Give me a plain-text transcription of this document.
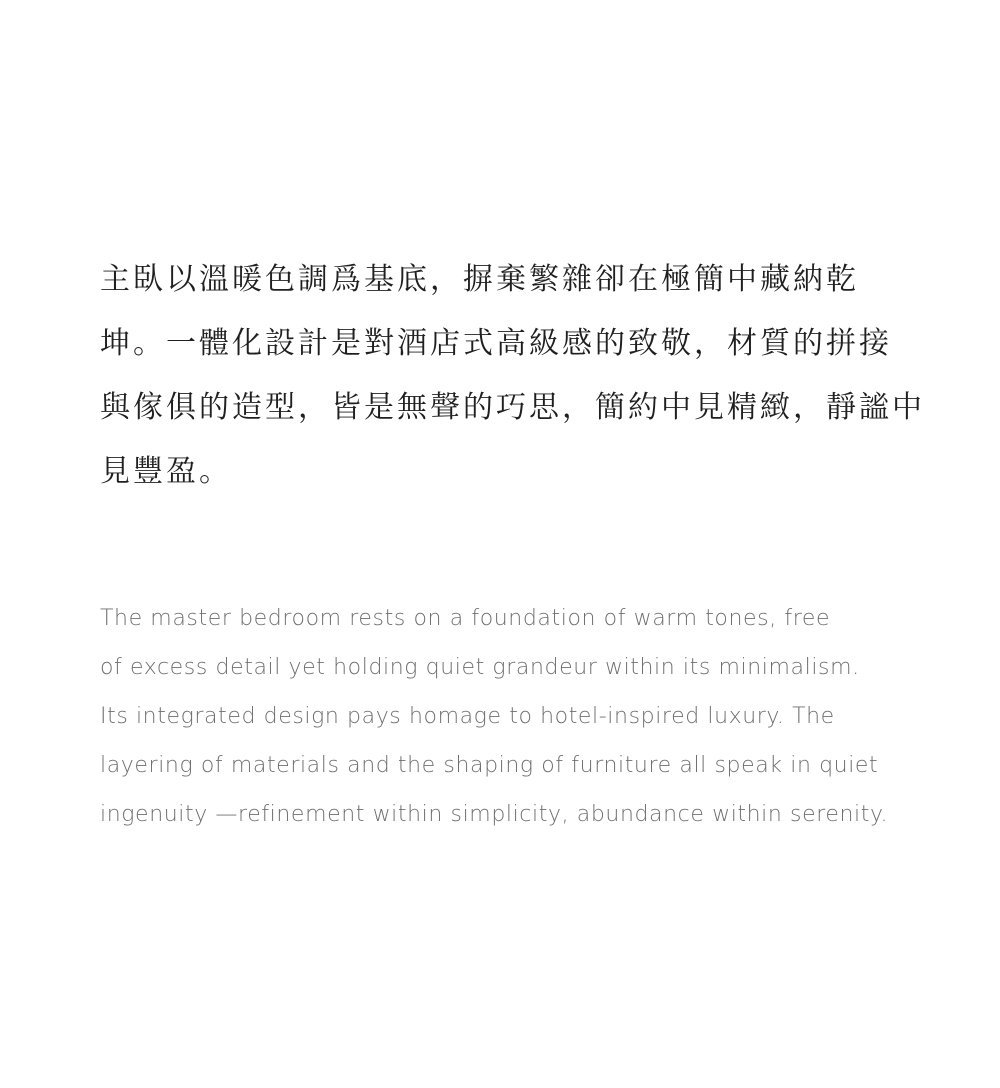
主臥以溫暖色調爲基底，摒棄繁雜卻在極簡中藏納乾
坤。一體化設計是對酒店式高級感的致敬，材質的拼接
與傢俱的造型，皆是無聲的巧思，簡約中見精緻，靜謐中
見豐盈。
The master bedroom rests on a foundation of warm tones, free
of excess detail yet holding quiet grandeur within its minimalism.
Its integrated design pays homage to hotel-inspired luxury. The
layering of materials and the shaping of furniture all speak in quiet
ingenuity —refinement within simplicity, abundance within serenity.
